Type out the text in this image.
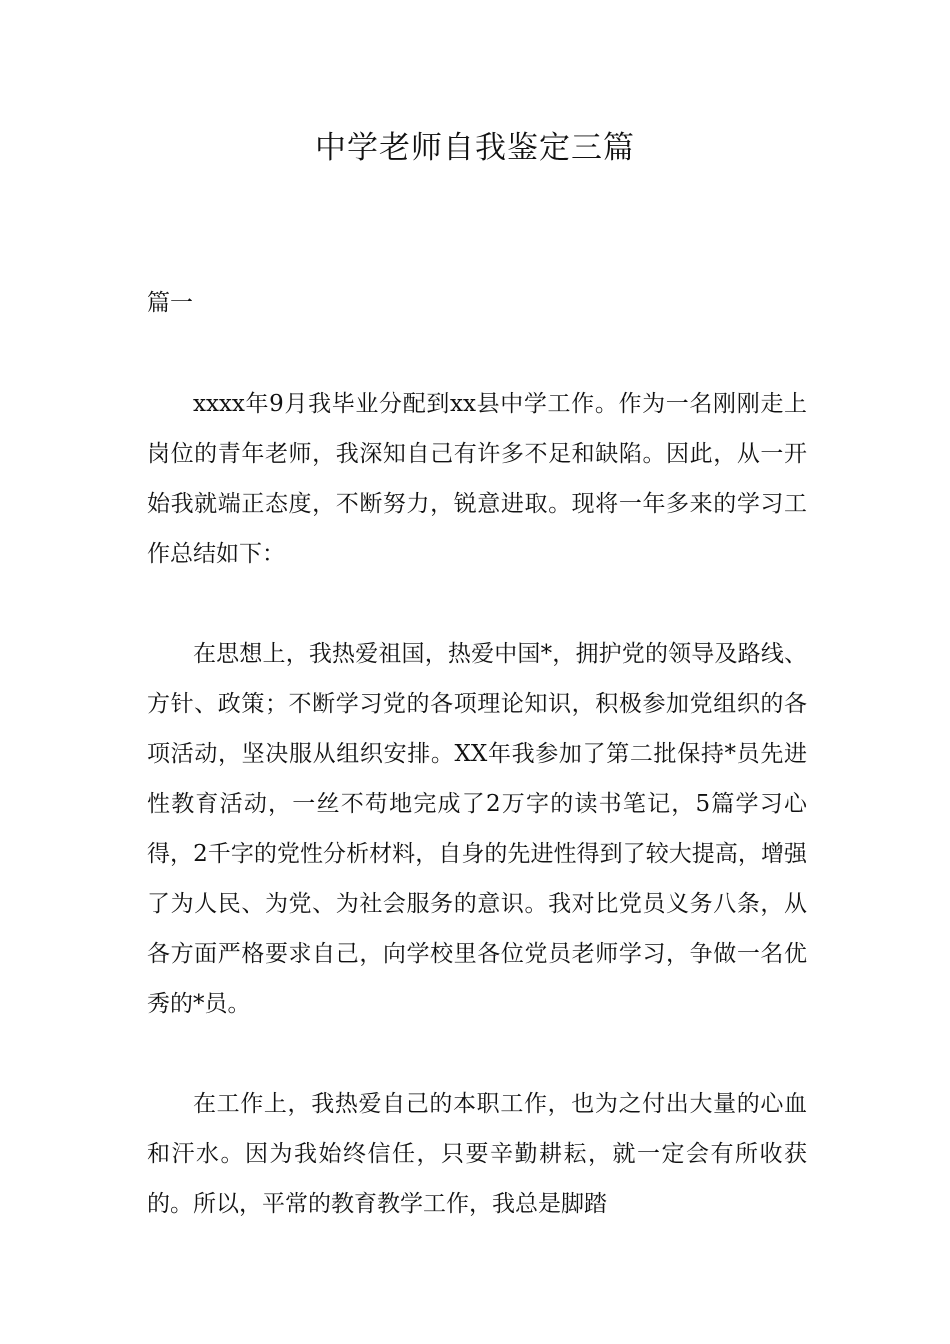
中学老师自我鉴定三篇
篇一

xxxx年9月我毕业分配到xx县中学工作。作为一名刚刚走上岗位的青年老师，我深知自己有许多不足和缺陷。因此，从一开始我就端正态度，不断努力，锐意进取。现将一年多来的学习工作总结如下：

在思想上，我热爱祖国，热爱中国*，拥护党的领导及路线、方针、政策；不断学习党的各项理论知识，积极参加党组织的各项活动，坚决服从组织安排。XX年我参加了第二批保持*员先进性教育活动，一丝不苟地完成了2万字的读书笔记，5篇学习心得，2千字的党性分析材料，自身的先进性得到了较大提高，增强了为人民、为党、为社会服务的意识。我对比党员义务八条，从各方面严格要求自己，向学校里各位党员老师学习，争做一名优秀的*员。

在工作上，我热爱自己的本职工作，也为之付出大量的心血和汗水。因为我始终信任，只要辛勤耕耘，就一定会有所收获的。所以，平常的教育教学工作，我总是脚踏
